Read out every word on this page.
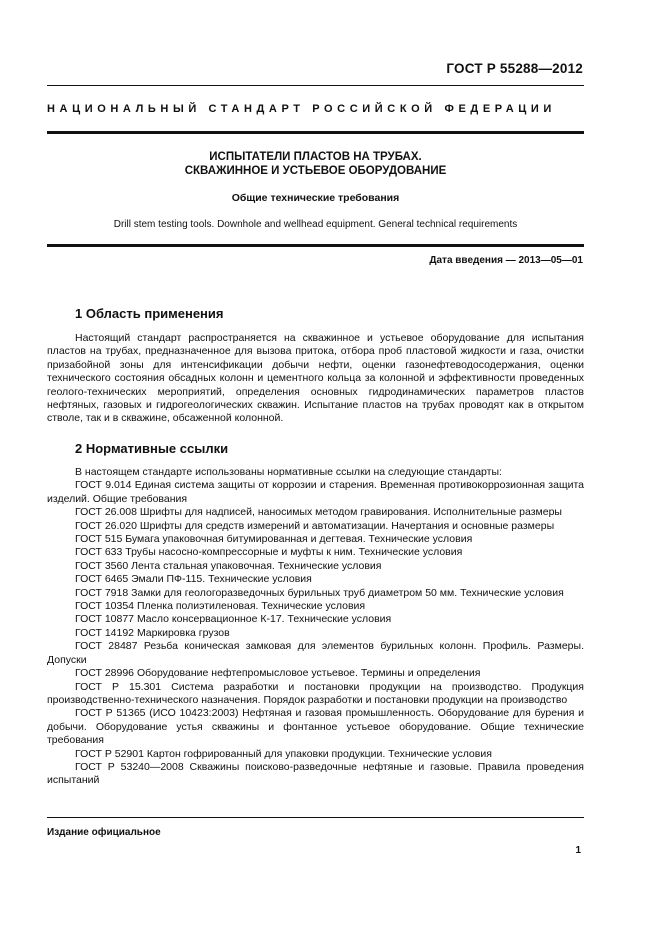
ГОСТ Р 55288—2012
НАЦИОНАЛЬНЫЙ СТАНДАРТ РОССИЙСКОЙ ФЕДЕРАЦИИ
ИСПЫТАТЕЛИ ПЛАСТОВ НА ТРУБАХ.
СКВАЖИННОЕ И УСТЬЕВОЕ ОБОРУДОВАНИЕ
Общие технические требования
Drill stem testing tools. Downhole and wellhead equipment. General technical requirements
Дата введения — 2013—05—01
1 Область применения

Настоящий стандарт распространяется на скважинное и устьевое оборудование для испытания пластов на трубах, предназначенное для вызова притока, отбора проб пластовой жидкости и газа, очистки призабойной зоны для интенсификации добычи нефти, оценки газонефтеводосодержания, оценки технического состояния обсадных колонн и цементного кольца за колонной и эффективности проведенных геолого-технических мероприятий, определения основных гидродинамических параметров пластов нефтяных, газовых и гидрогеологических скважин. Испытание пластов на трубах проводят как в открытом стволе, так и в скважине, обсаженной колонной.

2 Нормативные ссылки
В настоящем стандарте использованы нормативные ссылки на следующие стандарты:
ГОСТ 9.014 Единая система защиты от коррозии и старения. Временная противокоррозионная защита изделий. Общие требования
ГОСТ 26.008 Шрифты для надписей, наносимых методом гравирования. Исполнительные размеры
ГОСТ 26.020 Шрифты для средств измерений и автоматизации. Начертания и основные размеры
ГОСТ 515 Бумага упаковочная битумированная и дегтевая. Технические условия
ГОСТ 633 Трубы насосно-компрессорные и муфты к ним. Технические условия
ГОСТ 3560 Лента стальная упаковочная. Технические условия
ГОСТ 6465 Эмали ПФ-115. Технические условия
ГОСТ 7918 Замки для геологоразведочных бурильных труб диаметром 50 мм. Технические условия
ГОСТ 10354 Пленка полиэтиленовая. Технические условия
ГОСТ 10877 Масло консервационное К-17. Технические условия
ГОСТ 14192 Маркировка грузов
ГОСТ 28487 Резьба коническая замковая для элементов бурильных колонн. Профиль. Размеры. Допуски
ГОСТ 28996 Оборудование нефтепромысловое устьевое. Термины и определения
ГОСТ Р 15.301 Система разработки и постановки продукции на производство. Продукция производственно-технического назначения. Порядок разработки и постановки продукции на производство
ГОСТ Р 51365 (ИСО 10423:2003) Нефтяная и газовая промышленность. Оборудование для бурения и добычи. Оборудование устья скважины и фонтанное устьевое оборудование. Общие технические требования
ГОСТ Р 52901 Картон гофрированный для упаковки продукции. Технические условия
ГОСТ Р 53240—2008 Скважины поисково-разведочные нефтяные и газовые. Правила проведения испытаний
Издание официальное
1
